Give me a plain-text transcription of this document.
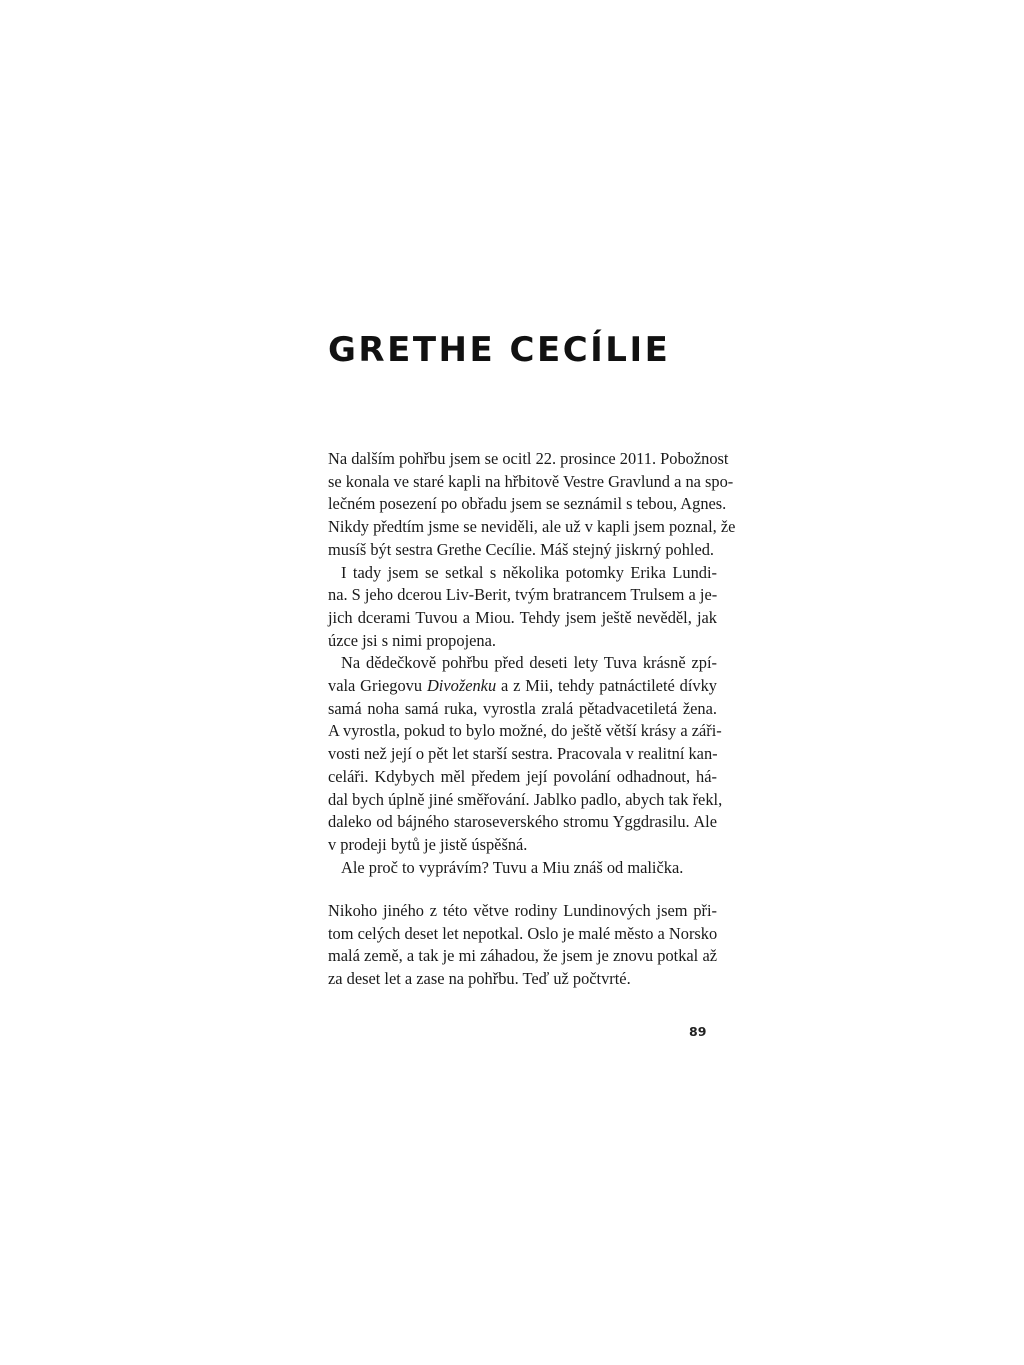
GRETHE CECÍLIE

Na dalším pohřbu jsem se ocitl 22. prosince 2011. Pobožnost
se konala ve staré kapli na hřbitově Vestre Gravlund a na spo-
lečném posezení po obřadu jsem se seznámil s tebou, Agnes.
Nikdy předtím jsme se neviděli, ale už v kapli jsem poznal, že
musíš být sestra Grethe Cecílie. Máš stejný jiskrný pohled.

I tady jsem se setkal s několika potomky Erika Lundi-
na. S jeho dcerou Liv-Berit, tvým bratrancem Trulsem a je-
jich dcerami Tuvou a Miou. Tehdy jsem ještě nevěděl, jak
úzce jsi s nimi propojena.

Na dědečkově pohřbu před deseti lety Tuva krásně zpí-
vala Griegovu Divoženku a z Mii, tehdy patnáctileté dívky
samá noha samá ruka, vyrostla zralá pětadvacetiletá žena.
A vyrostla, pokud to bylo možné, do ještě větší krásy a záři-
vosti než její o pět let starší sestra. Pracovala v realitní kan-
celáři. Kdybych měl předem její povolání odhadnout, há-
dal bych úplně jiné směřování. Jablko padlo, abych tak řekl,
daleko od bájného staroseverského stromu Yggdrasilu. Ale
v prodeji bytů je jistě úspěšná.

Ale proč to vyprávím? Tuvu a Miu znáš od malička.

Nikoho jiného z této větve rodiny Lundinových jsem při-
tom celých deset let nepotkal. Oslo je malé město a Norsko
malá země, a tak je mi záhadou, že jsem je znovu potkal až
za deset let a zase na pohřbu. Teď už počtvrté.

89
